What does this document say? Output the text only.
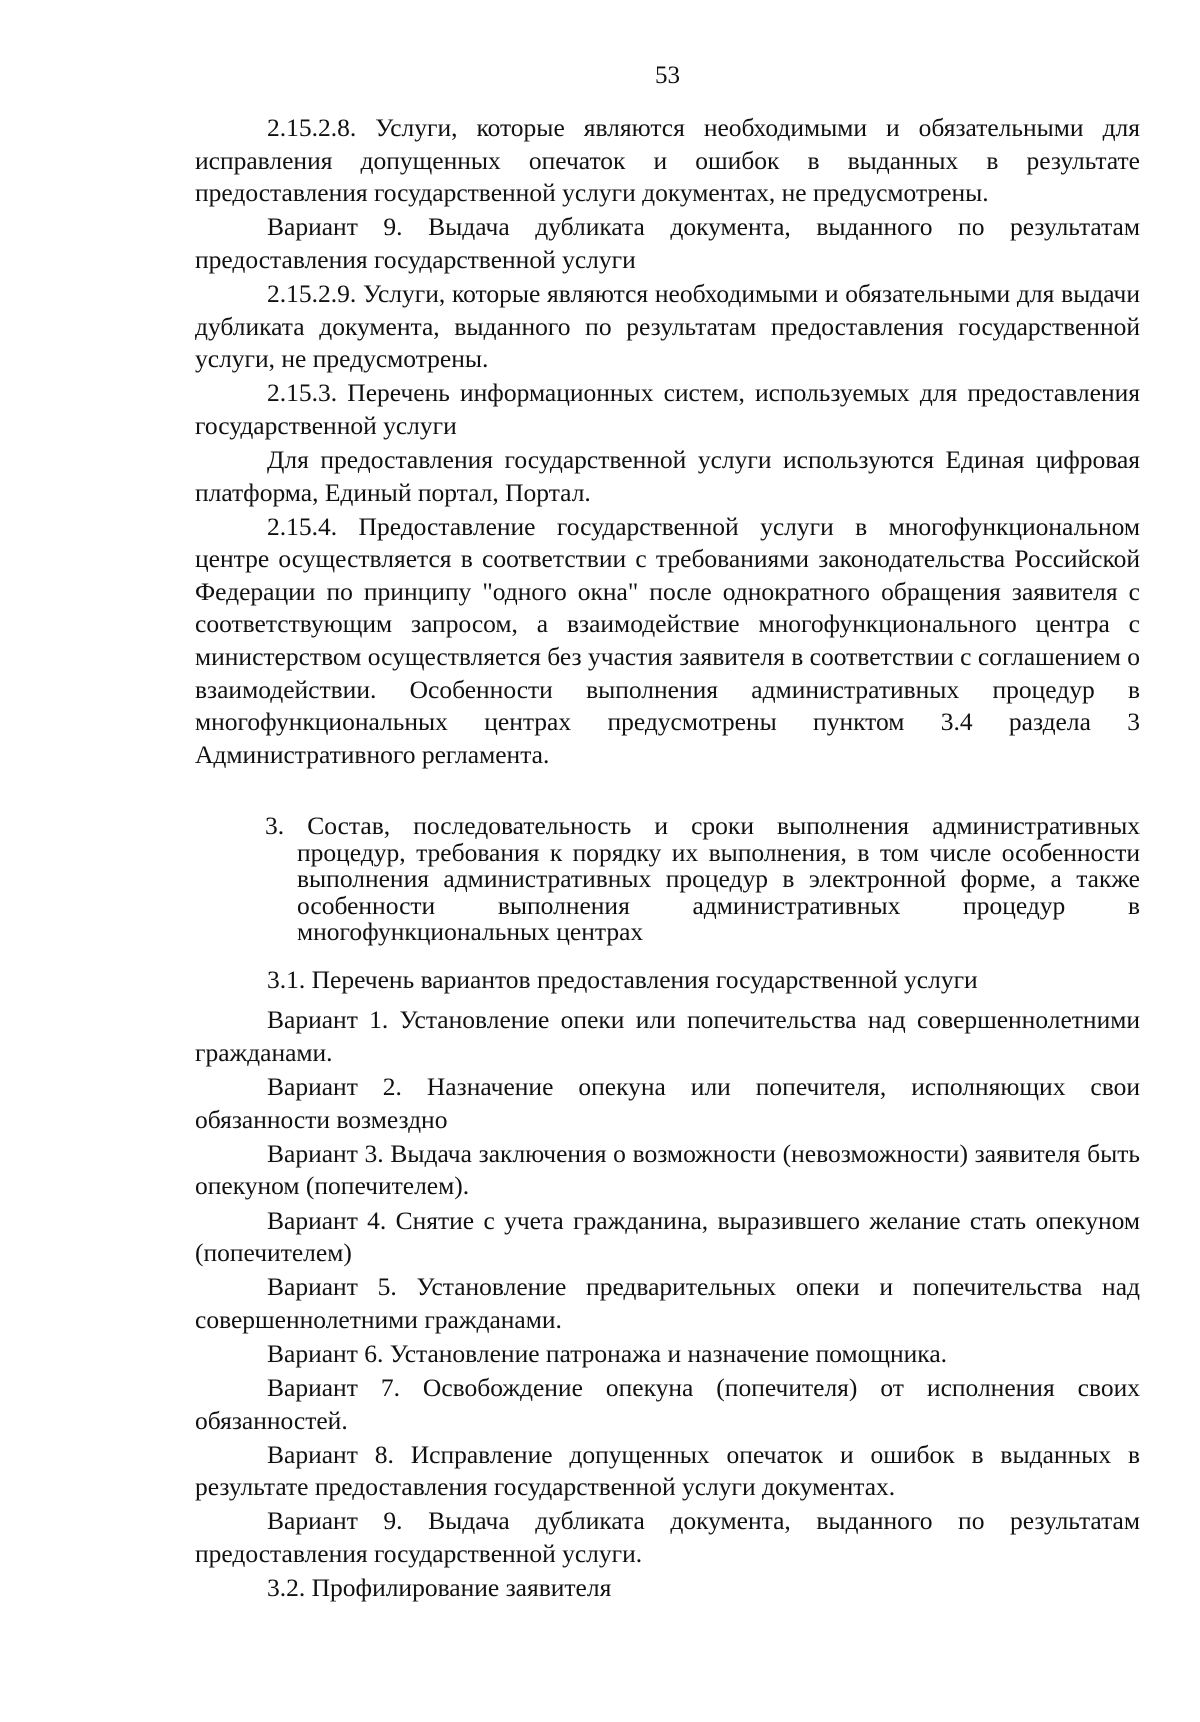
53

2.15.2.8. Услуги, которые являются необходимыми и обязательными для исправления допущенных опечаток и ошибок в выданных в результате предоставления государственной услуги документах, не предусмотрены.

Вариант 9. Выдача дубликата документа, выданного по результатам предоставления государственной услуги

2.15.2.9. Услуги, которые являются необходимыми и обязательными для выдачи дубликата документа, выданного по результатам предоставления государственной услуги, не предусмотрены.

2.15.3. Перечень информационных систем, используемых для предоставления государственной услуги

Для предоставления государственной услуги используются Единая цифровая платформа, Единый портал, Портал.

2.15.4. Предоставление государственной услуги в многофункциональном центре осуществляется в соответствии с требованиями законодательства Российской Федерации по принципу "одного окна" после однократного обращения заявителя с соответствующим запросом, а взаимодействие многофункционального центра с министерством осуществляется без участия заявителя в соответствии с соглашением о взаимодействии. Особенности выполнения административных процедур в многофункциональных центрах предусмотрены пунктом 3.4 раздела 3 Административного регламента.

3. Состав, последовательность и сроки выполнения административных процедур, требования к порядку их выполнения, в том числе особенности выполнения административных процедур в электронной форме, а также особенности выполнения административных процедур в многофункциональных центрах

3.1. Перечень вариантов предоставления государственной услуги

Вариант 1. Установление опеки или попечительства над совершеннолетними гражданами.

Вариант 2. Назначение опекуна или попечителя, исполняющих свои обязанности возмездно

Вариант 3. Выдача заключения о возможности (невозможности) заявителя быть опекуном (попечителем).

Вариант 4. Снятие с учета гражданина, выразившего желание стать опекуном (попечителем)

Вариант 5. Установление предварительных опеки и попечительства над совершеннолетними гражданами.

Вариант 6. Установление патронажа и назначение помощника.

Вариант 7. Освобождение опекуна (попечителя) от исполнения своих обязанностей.

Вариант 8. Исправление допущенных опечаток и ошибок в выданных в результате предоставления государственной услуги документах.

Вариант 9. Выдача дубликата документа, выданного по результатам предоставления государственной услуги.

3.2. Профилирование заявителя
